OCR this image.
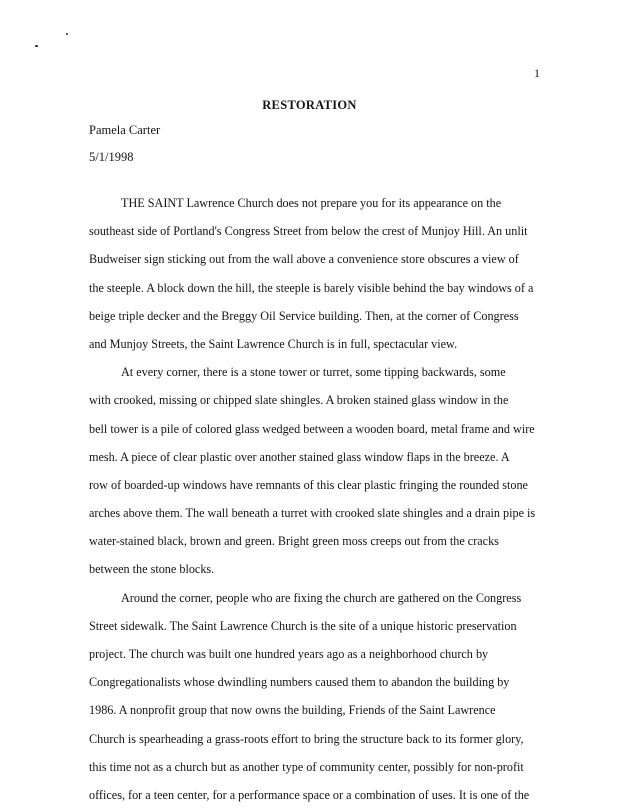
1
RESTORATION
Pamela Carter
5/1/1998
THE SAINT Lawrence Church does not prepare you for its appearance on the
southeast side of Portland's Congress Street from below the crest of Munjoy Hill. An unlit
Budweiser sign sticking out from the wall above a convenience store obscures a view of
the steeple. A block down the hill, the steeple is barely visible behind the bay windows of a
beige triple decker and the Breggy Oil Service building. Then, at the corner of Congress
and Munjoy Streets, the Saint Lawrence Church is in full, spectacular view.
At every corner, there is a stone tower or turret, some tipping backwards, some
with crooked, missing or chipped slate shingles. A broken stained glass window in the
bell tower is a pile of colored glass wedged between a wooden board, metal frame and wire
mesh. A piece of clear plastic over another stained glass window flaps in the breeze. A
row of boarded-up windows have remnants of this clear plastic fringing the rounded stone
arches above them. The wall beneath a turret with crooked slate shingles and a drain pipe is
water-stained black, brown and green. Bright green moss creeps out from the cracks
between the stone blocks.
Around the corner, people who are fixing the church are gathered on the Congress
Street sidewalk. The Saint Lawrence Church is the site of a unique historic preservation
project. The church was built one hundred years ago as a neighborhood church by
Congregationalists whose dwindling numbers caused them to abandon the building by
1986. A nonprofit group that now owns the building, Friends of the Saint Lawrence
Church is spearheading a grass-roots effort to bring the structure back to its former glory,
this time not as a church but as another type of community center, possibly for non-profit
offices, for a teen center, for a performance space or a combination of uses. It is one of the
